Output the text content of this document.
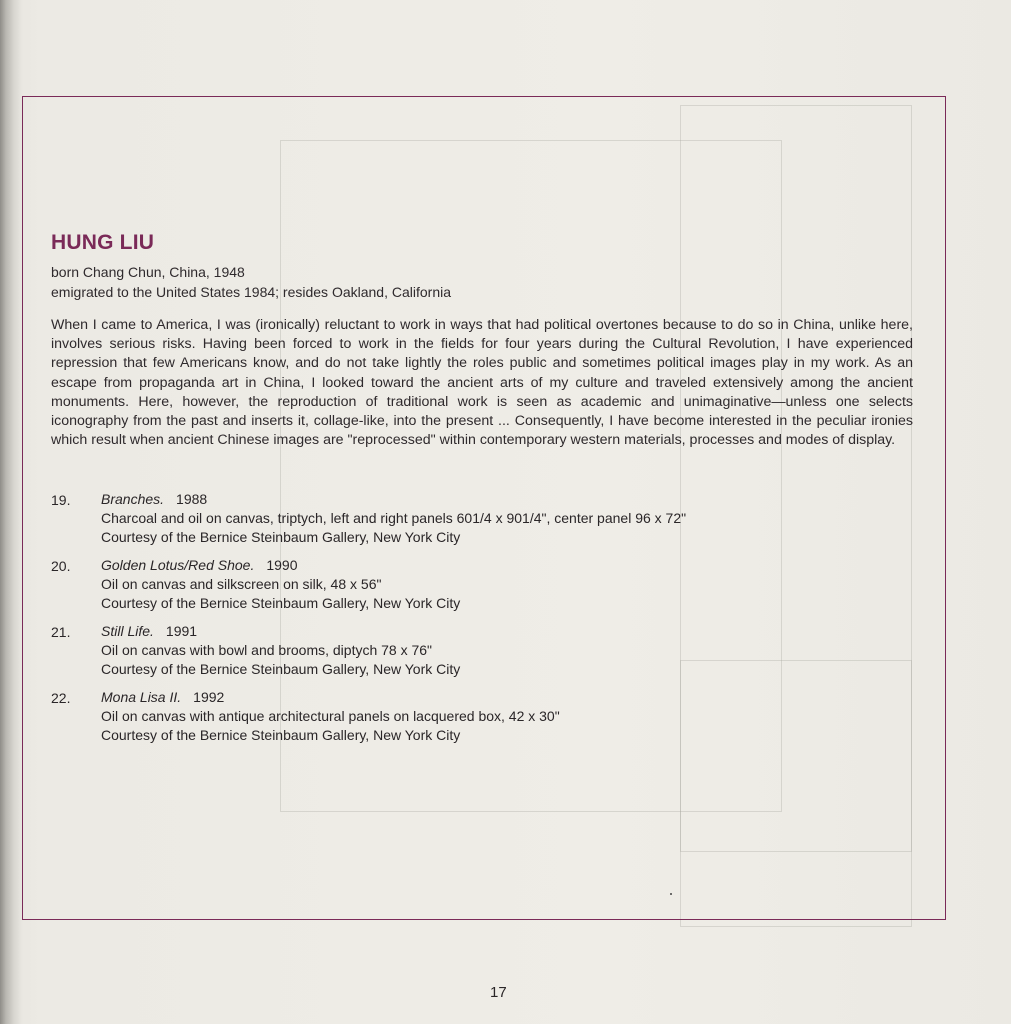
HUNG LIU

born Chang Chun, China, 1948

emigrated to the United States 1984; resides Oakland, California

When I came to America, I was (ironically) reluctant to work in ways that had political overtones because to do so in China, unlike here, involves serious risks. Having been forced to work in the fields for four years during the Cultural Revolution, I have experienced repression that few Americans know, and do not take lightly the roles public and sometimes political images play in my work. As an escape from propaganda art in China, I looked toward the ancient arts of my culture and traveled extensively among the ancient monuments. Here, however, the reproduction of traditional work is seen as academic and unimaginative—unless one selects iconography from the past and inserts it, collage-like, into the present ... Consequently, I have become interested in the peculiar ironies which result when ancient Chinese images are "reprocessed" within contemporary western materials, processes and modes of display.

19. Branches. 1988
Charcoal and oil on canvas, triptych, left and right panels 601/4 x 901/4", center panel 96 x 72"
Courtesy of the Bernice Steinbaum Gallery, New York City
20. Golden Lotus/Red Shoe. 1990
Oil on canvas and silkscreen on silk, 48 x 56"
Courtesy of the Bernice Steinbaum Gallery, New York City
21. Still Life. 1991
Oil on canvas with bowl and brooms, diptych 78 x 76"
Courtesy of the Bernice Steinbaum Gallery, New York City
22. Mona Lisa II. 1992
Oil on canvas with antique architectural panels on lacquered box, 42 x 30"
Courtesy of the Bernice Steinbaum Gallery, New York City
17
